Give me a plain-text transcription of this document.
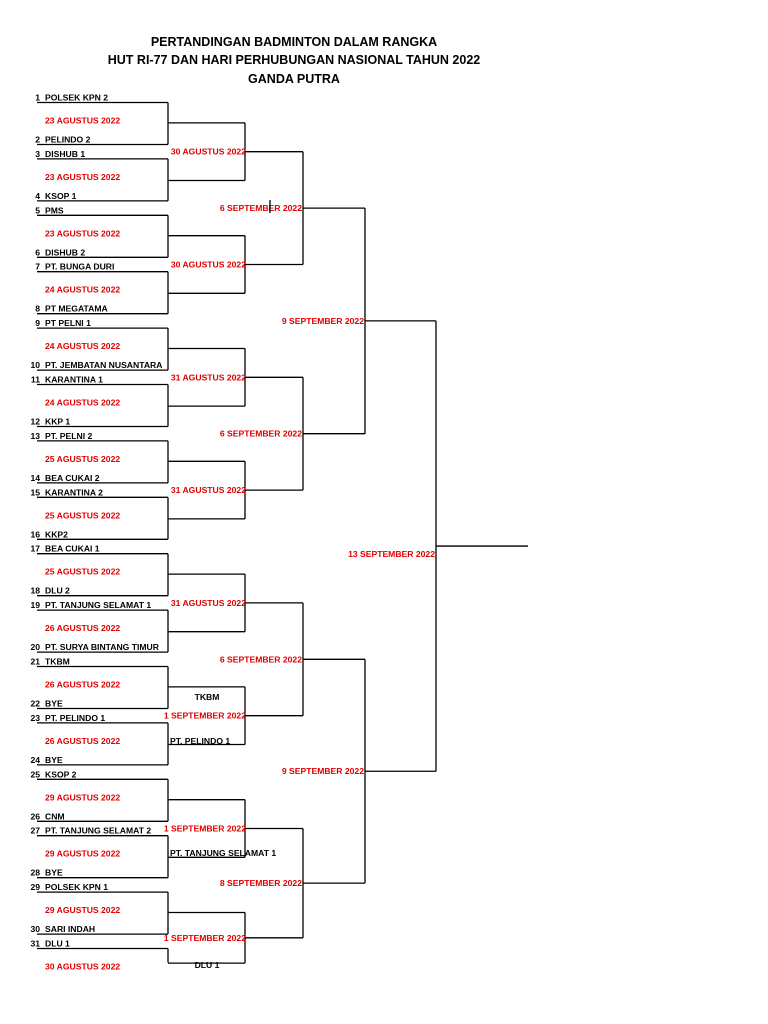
PERTANDINGAN BADMINTON DALAM RANGKA
HUT RI-77 DAN HARI PERHUBUNGAN NASIONAL TAHUN 2022
GANDA PUTRA
1 POLSEK KPN 2
2 PELINDO 2
3 DISHUB 1
4 KSOP 1
5 PMS
6 DISHUB 2
7 PT. BUNGA DURI
8 PT MEGATAMA
9 PT PELNI 1
10 PT. JEMBATAN NUSANTARA
11 KARANTINA 1
12 KKP 1
13 PT. PELNI 2
14 BEA CUKAI 2
15 KARANTINA 2
16 KKP2
17 BEA CUKAI 1
18 DLU 2
19 PT. TANJUNG SELAMAT 1
20 PT. SURYA BINTANG TIMUR
21 TKBM
22 BYE
23 PT. PELINDO 1
24 BYE
25 KSOP 2
26 CNM
27 PT. TANJUNG SELAMAT 2
28 BYE
29 POLSEK KPN 1
30 SARI INDAH
31 DLU 1
23 AGUSTUS 2022
23 AGUSTUS 2022
23 AGUSTUS 2022
24 AGUSTUS 2022
24 AGUSTUS 2022
24 AGUSTUS 2022
25 AGUSTUS 2022
25 AGUSTUS 2022
25 AGUSTUS 2022
26 AGUSTUS 2022
26 AGUSTUS 2022
26 AGUSTUS 2022
29 AGUSTUS 2022
29 AGUSTUS 2022
29 AGUSTUS 2022
30 AGUSTUS 2022
30 AGUSTUS 2022
30 AGUSTUS 2022
31 AGUSTUS 2022
31 AGUSTUS 2022
31 AGUSTUS 2022
1 SEPTEMBER 2022
1 SEPTEMBER 2022
1 SEPTEMBER 2022
TKBM
PT. PELINDO 1
PT. TANJUNG SELAMAT 1
DLU 1
6 SEPTEMBER 2022
6 SEPTEMBER 2022
6 SEPTEMBER 2022
8 SEPTEMBER 2022
9 SEPTEMBER 2022
9 SEPTEMBER 2022
13 SEPTEMBER 2022
